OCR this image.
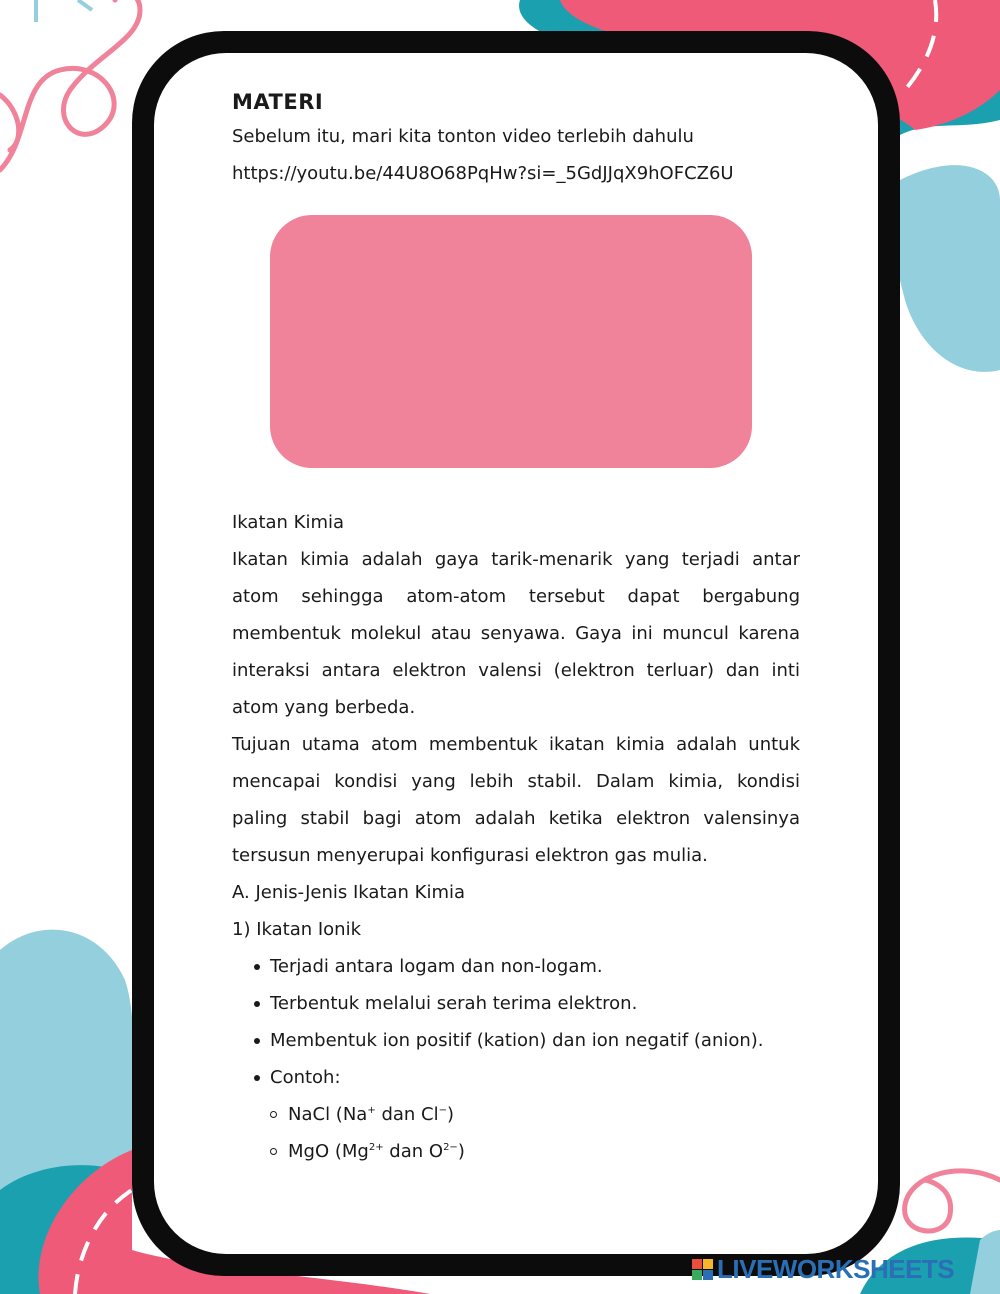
MATERI

Sebelum itu, mari kita tonton video terlebih dahulu

https://youtu.be/44U8O68PqHw?si=_5GdJJqX9hOFCZ6U

Ikatan Kimia

Ikatan kimia adalah gaya tarik-menarik yang terjadi antar atom sehingga atom-atom tersebut dapat bergabung membentuk molekul atau senyawa. Gaya ini muncul karena interaksi antara elektron valensi (elektron terluar) dan inti atom yang berbeda.

Tujuan utama atom membentuk ikatan kimia adalah untuk mencapai kondisi yang lebih stabil. Dalam kimia, kondisi paling stabil bagi atom adalah ketika elektron valensinya tersusun menyerupai konfigurasi elektron gas mulia.

A. Jenis-Jenis Ikatan Kimia

1) Ikatan Ionik

Terjadi antara logam dan non-logam.
Terbentuk melalui serah terima elektron.
Membentuk ion positif (kation) dan ion negatif (anion).
Contoh:
NaCl (Na+ dan Cl−)
MgO ($Mg^{2+}$ dan $O^{2-}$)
LIVEWORKSHEETS
